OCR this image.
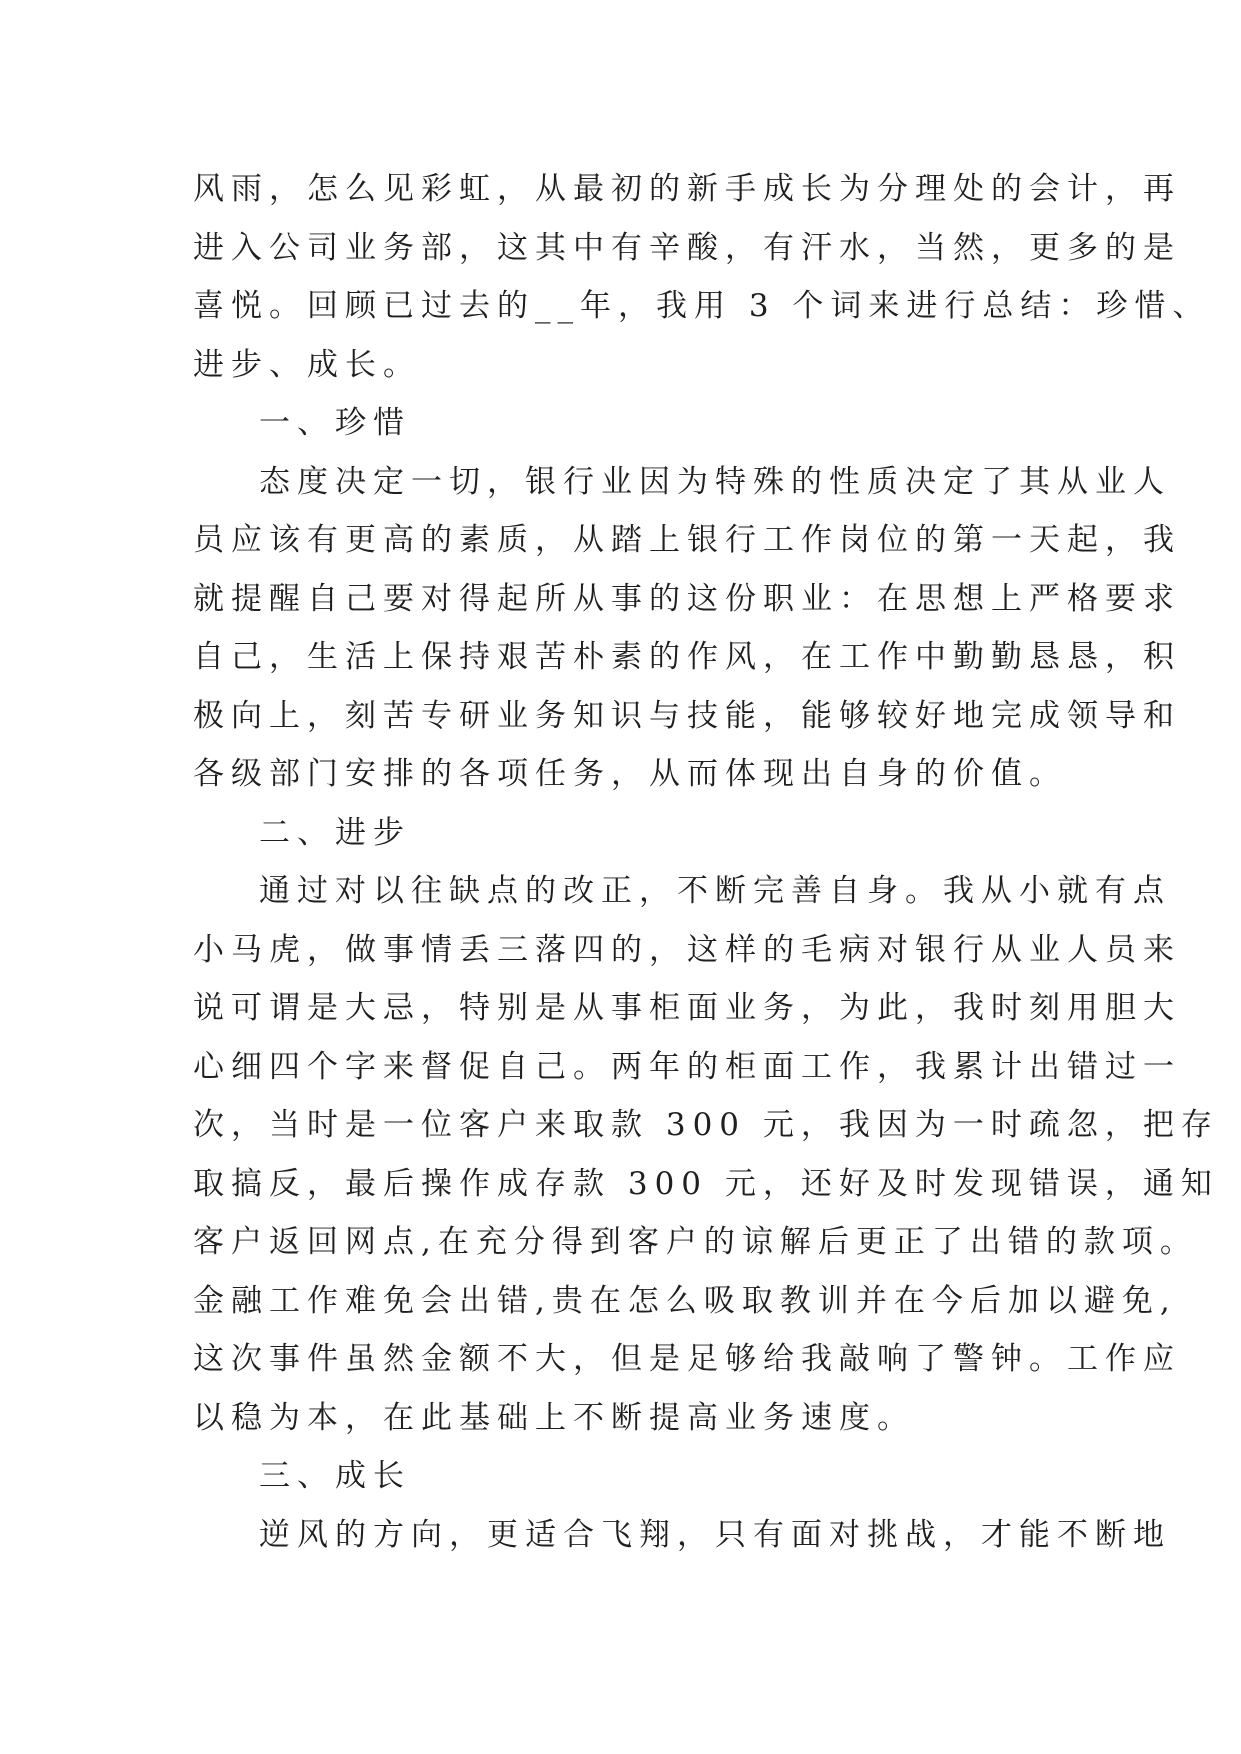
风雨，怎么见彩虹，从最初的新手成长为分理处的会计，再
进入公司业务部，这其中有辛酸，有汗水，当然，更多的是
喜悦。回顾已过去的__年，我用 3 个词来进行总结：珍惜、
进步、成长。
一、珍惜
态度决定一切，银行业因为特殊的性质决定了其从业人
员应该有更高的素质，从踏上银行工作岗位的第一天起，我
就提醒自己要对得起所从事的这份职业：在思想上严格要求
自己，生活上保持艰苦朴素的作风，在工作中勤勤恳恳，积
极向上，刻苦专研业务知识与技能，能够较好地完成领导和
各级部门安排的各项任务，从而体现出自身的价值。
二、进步
通过对以往缺点的改正，不断完善自身。我从小就有点
小马虎，做事情丢三落四的，这样的毛病对银行从业人员来
说可谓是大忌，特别是从事柜面业务，为此，我时刻用胆大
心细四个字来督促自己。两年的柜面工作，我累计出错过一
次，当时是一位客户来取款 300 元，我因为一时疏忽，把存
取搞反，最后操作成存款 300 元，还好及时发现错误，通知
客户返回网点,在充分得到客户的谅解后更正了出错的款项。
金融工作难免会出错,贵在怎么吸取教训并在今后加以避免,
这次事件虽然金额不大，但是足够给我敲响了警钟。工作应
以稳为本，在此基础上不断提高业务速度。
三、成长
逆风的方向，更适合飞翔，只有面对挑战，才能不断地
